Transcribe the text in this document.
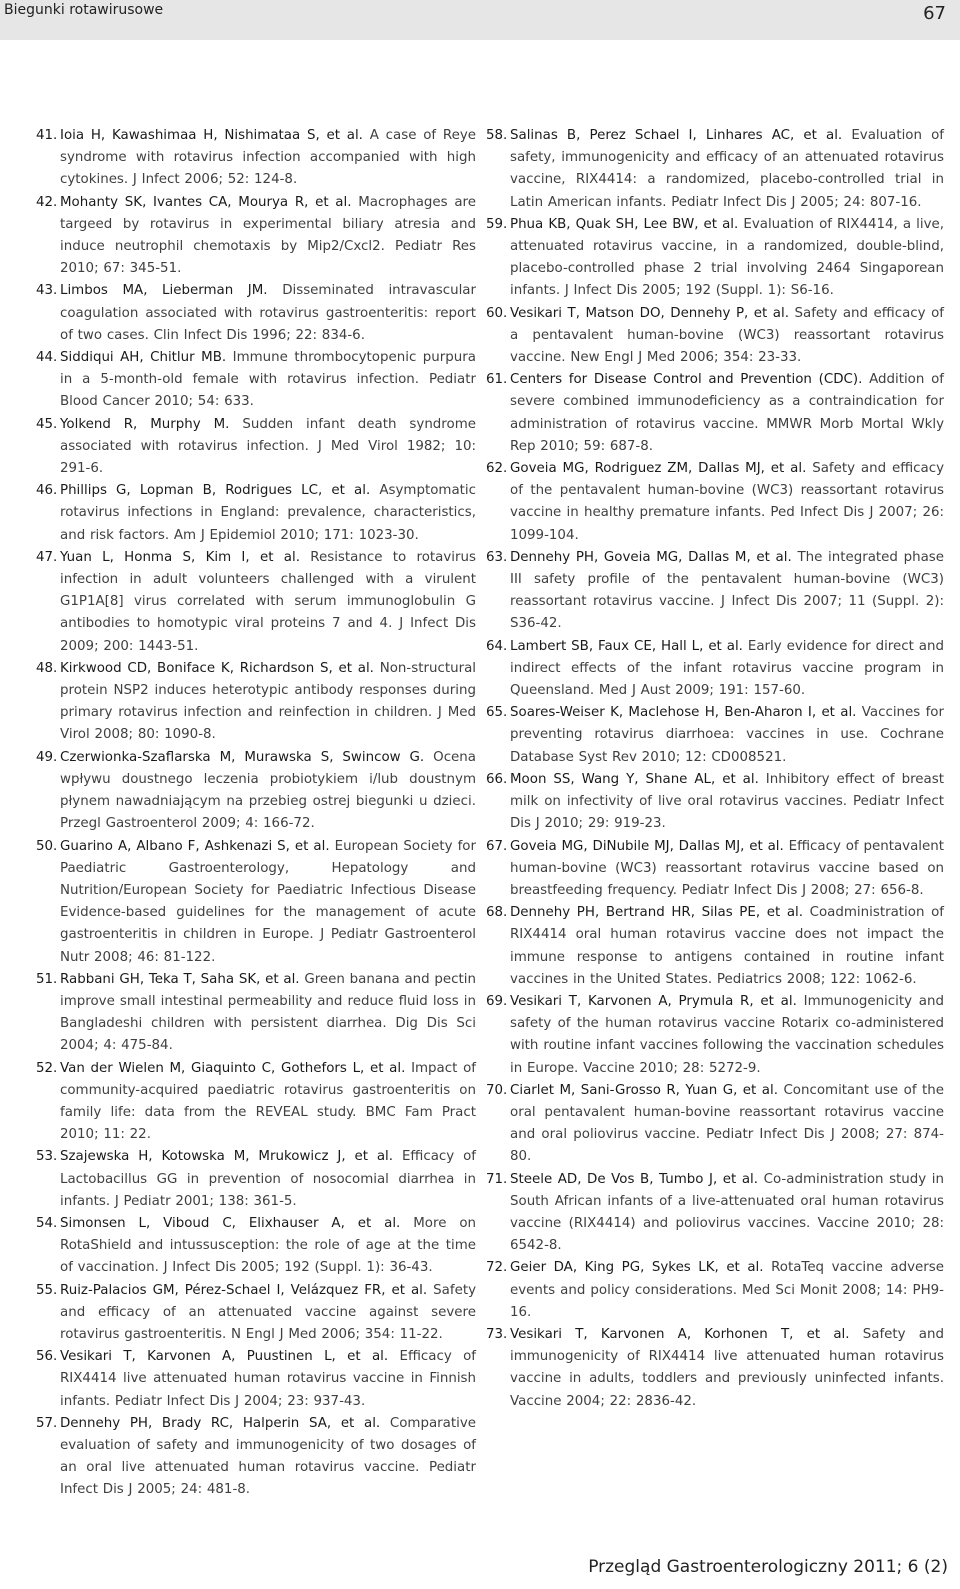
Biegunki rotawirusowe	67
41. Ioia H, Kawashimaa H, Nishimataa S, et al. A case of Reye syndrome with rotavirus infection accompanied with high cytokines. J Infect 2006; 52: 124-8.
42. Mohanty SK, Ivantes CA, Mourya R, et al. Macrophages are targeed by rotavirus in experimental biliary atresia and induce neutrophil chemotaxis by Mip2/Cxcl2. Pediatr Res 2010; 67: 345-51.
43. Limbos MA, Lieberman JM. Disseminated intravascular coagulation associated with rotavirus gastroenteritis: report of two cases. Clin Infect Dis 1996; 22: 834-6.
44. Siddiqui AH, Chitlur MB. Immune thrombocytopenic purpura in a 5-month-old female with rotavirus infection. Pediatr Blood Cancer 2010; 54: 633.
45. Yolkend R, Murphy M. Sudden infant death syndrome associated with rotavirus infection. J Med Virol 1982; 10: 291-6.
46. Phillips G, Lopman B, Rodrigues LC, et al. Asymptomatic rotavirus infections in England: prevalence, characteristics, and risk factors. Am J Epidemiol 2010; 171: 1023-30.
47. Yuan L, Honma S, Kim I, et al. Resistance to rotavirus infection in adult volunteers challenged with a virulent G1P1A[8] virus correlated with serum immunoglobulin G antibodies to homotypic viral proteins 7 and 4. J Infect Dis 2009; 200: 1443-51.
48. Kirkwood CD, Boniface K, Richardson S, et al. Non-structural protein NSP2 induces heterotypic antibody responses during primary rotavirus infection and reinfection in children. J Med Virol 2008; 80: 1090-8.
49. Czerwionka-Szaflarska M, Murawska S, Swincow G. Ocena wpływu doustnego leczenia probiotykiem i/lub doustnym płynem nawadniającym na przebieg ostrej biegunki u dzieci. Przegl Gastroenterol 2009; 4: 166-72.
50. Guarino A, Albano F, Ashkenazi S, et al. European Society for Paediatric Gastroenterology, Hepatology and Nutrition/European Society for Paediatric Infectious Disease Evidence-based guidelines for the management of acute gastroenteritis in children in Europe. J Pediatr Gastroenterol Nutr 2008; 46: 81-122.
51. Rabbani GH, Teka T, Saha SK, et al. Green banana and pectin improve small intestinal permeability and reduce fluid loss in Bangladeshi children with persistent diarrhea. Dig Dis Sci 2004; 4: 475-84.
52. Van der Wielen M, Giaquinto C, Gothefors L, et al. Impact of community-acquired paediatric rotavirus gastroenteritis on family life: data from the REVEAL study. BMC Fam Pract 2010; 11: 22.
53. Szajewska H, Kotowska M, Mrukowicz J, et al. Efficacy of Lactobacillus GG in prevention of nosocomial diarrhea in infants. J Pediatr 2001; 138: 361-5.
54. Simonsen L, Viboud C, Elixhauser A, et al. More on RotaShield and intussusception: the role of age at the time of vaccination. J Infect Dis 2005; 192 (Suppl. 1): 36-43.
55. Ruiz-Palacios GM, Pérez-Schael I, Velázquez FR, et al. Safety and efficacy of an attenuated vaccine against severe rotavirus gastroenteritis. N Engl J Med 2006; 354: 11-22.
56. Vesikari T, Karvonen A, Puustinen L, et al. Efficacy of RIX4414 live attenuated human rotavirus vaccine in Finnish infants. Pediatr Infect Dis J 2004; 23: 937-43.
57. Dennehy PH, Brady RC, Halperin SA, et al. Comparative evaluation of safety and immunogenicity of two dosages of an oral live attenuated human rotavirus vaccine. Pediatr Infect Dis J 2005; 24: 481-8.
58. Salinas B, Perez Schael I, Linhares AC, et al. Evaluation of safety, immunogenicity and efficacy of an attenuated rotavirus vaccine, RIX4414: a randomized, placebo-controlled trial in Latin American infants. Pediatr Infect Dis J 2005; 24: 807-16.
59. Phua KB, Quak SH, Lee BW, et al. Evaluation of RIX4414, a live, attenuated rotavirus vaccine, in a randomized, double-blind, placebo-controlled phase 2 trial involving 2464 Singaporean infants. J Infect Dis 2005; 192 (Suppl. 1): S6-16.
60. Vesikari T, Matson DO, Dennehy P, et al. Safety and efficacy of a pentavalent human-bovine (WC3) reassortant rotavirus vaccine. New Engl J Med 2006; 354: 23-33.
61. Centers for Disease Control and Prevention (CDC). Addition of severe combined immunodeficiency as a contraindication for administration of rotavirus vaccine. MMWR Morb Mortal Wkly Rep 2010; 59: 687-8.
62. Goveia MG, Rodriguez ZM, Dallas MJ, et al. Safety and efficacy of the pentavalent human-bovine (WC3) reassortant rotavirus vaccine in healthy premature infants. Ped Infect Dis J 2007; 26: 1099-104.
63. Dennehy PH, Goveia MG, Dallas M, et al. The integrated phase III safety profile of the pentavalent human-bovine (WC3) reassortant rotavirus vaccine. J Infect Dis 2007; 11 (Suppl. 2): S36-42.
64. Lambert SB, Faux CE, Hall L, et al. Early evidence for direct and indirect effects of the infant rotavirus vaccine program in Queensland. Med J Aust 2009; 191: 157-60.
65. Soares-Weiser K, Maclehose H, Ben-Aharon I, et al. Vaccines for preventing rotavirus diarrhoea: vaccines in use. Cochrane Database Syst Rev 2010; 12: CD008521.
66. Moon SS, Wang Y, Shane AL, et al. Inhibitory effect of breast milk on infectivity of live oral rotavirus vaccines. Pediatr Infect Dis J 2010; 29: 919-23.
67. Goveia MG, DiNubile MJ, Dallas MJ, et al. Efficacy of pentavalent human-bovine (WC3) reassortant rotavirus vaccine based on breastfeeding frequency. Pediatr Infect Dis J 2008; 27: 656-8.
68. Dennehy PH, Bertrand HR, Silas PE, et al. Coadministration of RIX4414 oral human rotavirus vaccine does not impact the immune response to antigens contained in routine infant vaccines in the United States. Pediatrics 2008; 122: 1062-6.
69. Vesikari T, Karvonen A, Prymula R, et al. Immunogenicity and safety of the human rotavirus vaccine Rotarix co-administered with routine infant vaccines following the vaccination schedules in Europe. Vaccine 2010; 28: 5272-9.
70. Ciarlet M, Sani-Grosso R, Yuan G, et al. Concomitant use of the oral pentavalent human-bovine reassortant rotavirus vaccine and oral poliovirus vaccine. Pediatr Infect Dis J 2008; 27: 874-80.
71. Steele AD, De Vos B, Tumbo J, et al. Co-administration study in South African infants of a live-attenuated oral human rotavirus vaccine (RIX4414) and poliovirus vaccines. Vaccine 2010; 28: 6542-8.
72. Geier DA, King PG, Sykes LK, et al. RotaTeq vaccine adverse events and policy considerations. Med Sci Monit 2008; 14: PH9-16.
73. Vesikari T, Karvonen A, Korhonen T, et al. Safety and immunogenicity of RIX4414 live attenuated human rotavirus vaccine in adults, toddlers and previously uninfected infants. Vaccine 2004; 22: 2836-42.
Przegląd Gastroenterologiczny 2011; 6 (2)
